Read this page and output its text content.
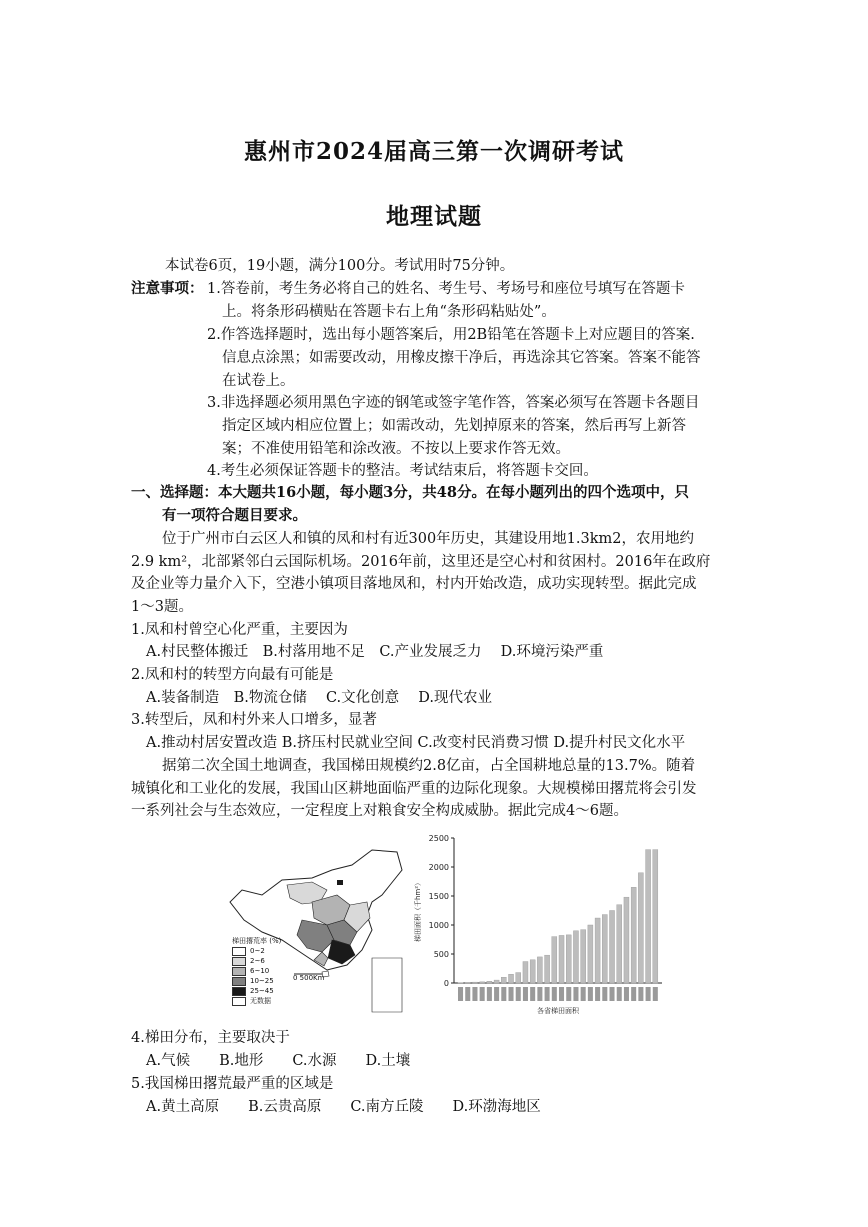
惠州市2024届高三第一次调研考试
地理试题
本试卷6页，19小题，满分100分。考试用时75分钟。
注意事项： 1.答卷前，考生务必将自己的姓名、考生号、考场号和座位号填写在答题卡
上。将条形码横贴在答题卡右上角“条形码粘贴处”。
2.作答选择题时，选出每小题答案后，用2B铅笔在答题卡上对应题目的答案.
信息点涂黑；如需要改动，用橡皮擦干净后，再选涂其它答案。答案不能答
在试卷上。
3.非选择题必须用黑色字迹的钢笔或签字笔作答，答案必须写在答题卡各题目
指定区域内相应位置上；如需改动，先划掉原来的答案，然后再写上新答
案；不准使用铅笔和涂改液。不按以上要求作答无效。
4.考生必须保证答题卡的整洁。考试结束后，将答题卡交回。
一、选择题：本大题共16小题，每小题3分，共48分。在每小题列出的四个选项中，只
有一项符合题目要求。
位于广州市白云区人和镇的凤和村有近300年历史，其建设用地1.3km2，农用地约
2.9 km²，北部紧邻白云国际机场。2016年前，这里还是空心村和贫困村。2016年在政府
及企业等力量介入下，空港小镇项目落地凤和，村内开始改造，成功实现转型。据此完成
1～3题。
1.凤和村曾空心化严重，主要因为
A.村民整体搬迁　B.村落用地不足　C.产业发展乏力　 D.环境污染严重
2.凤和村的转型方向最有可能是
A.装备制造　B.物流仓储　 C.文化创意　 D.现代农业
3.转型后，凤和村外来人口增多，显著
A.推动村居安置改造 B.挤压村民就业空间 C.改变村民消费习惯 D.提升村民文化水平
据第二次全国土地调查，我国梯田规模约2.8亿亩，占全国耕地总量的13.7%。随着
城镇化和工业化的发展，我国山区耕地面临严重的边际化现象。大规模梯田撂荒将会引发
一系列社会与生态效应，一定程度上对粮食安全构成威胁。据此完成4～6题。
梯田撂荒率 (%)
0~2
2~6
6~10
10~25
25~45
无数据
0 500Km
0
500
1000
1500
2000
2500
梯田面积（千hm²）
各省梯田面积
4.梯田分布，主要取决于
A.气候　　B.地形　　C.水源　　D.土壤
5.我国梯田撂荒最严重的区域是
A.黄土高原　　B.云贵高原　　C.南方丘陵　　D.环渤海地区
